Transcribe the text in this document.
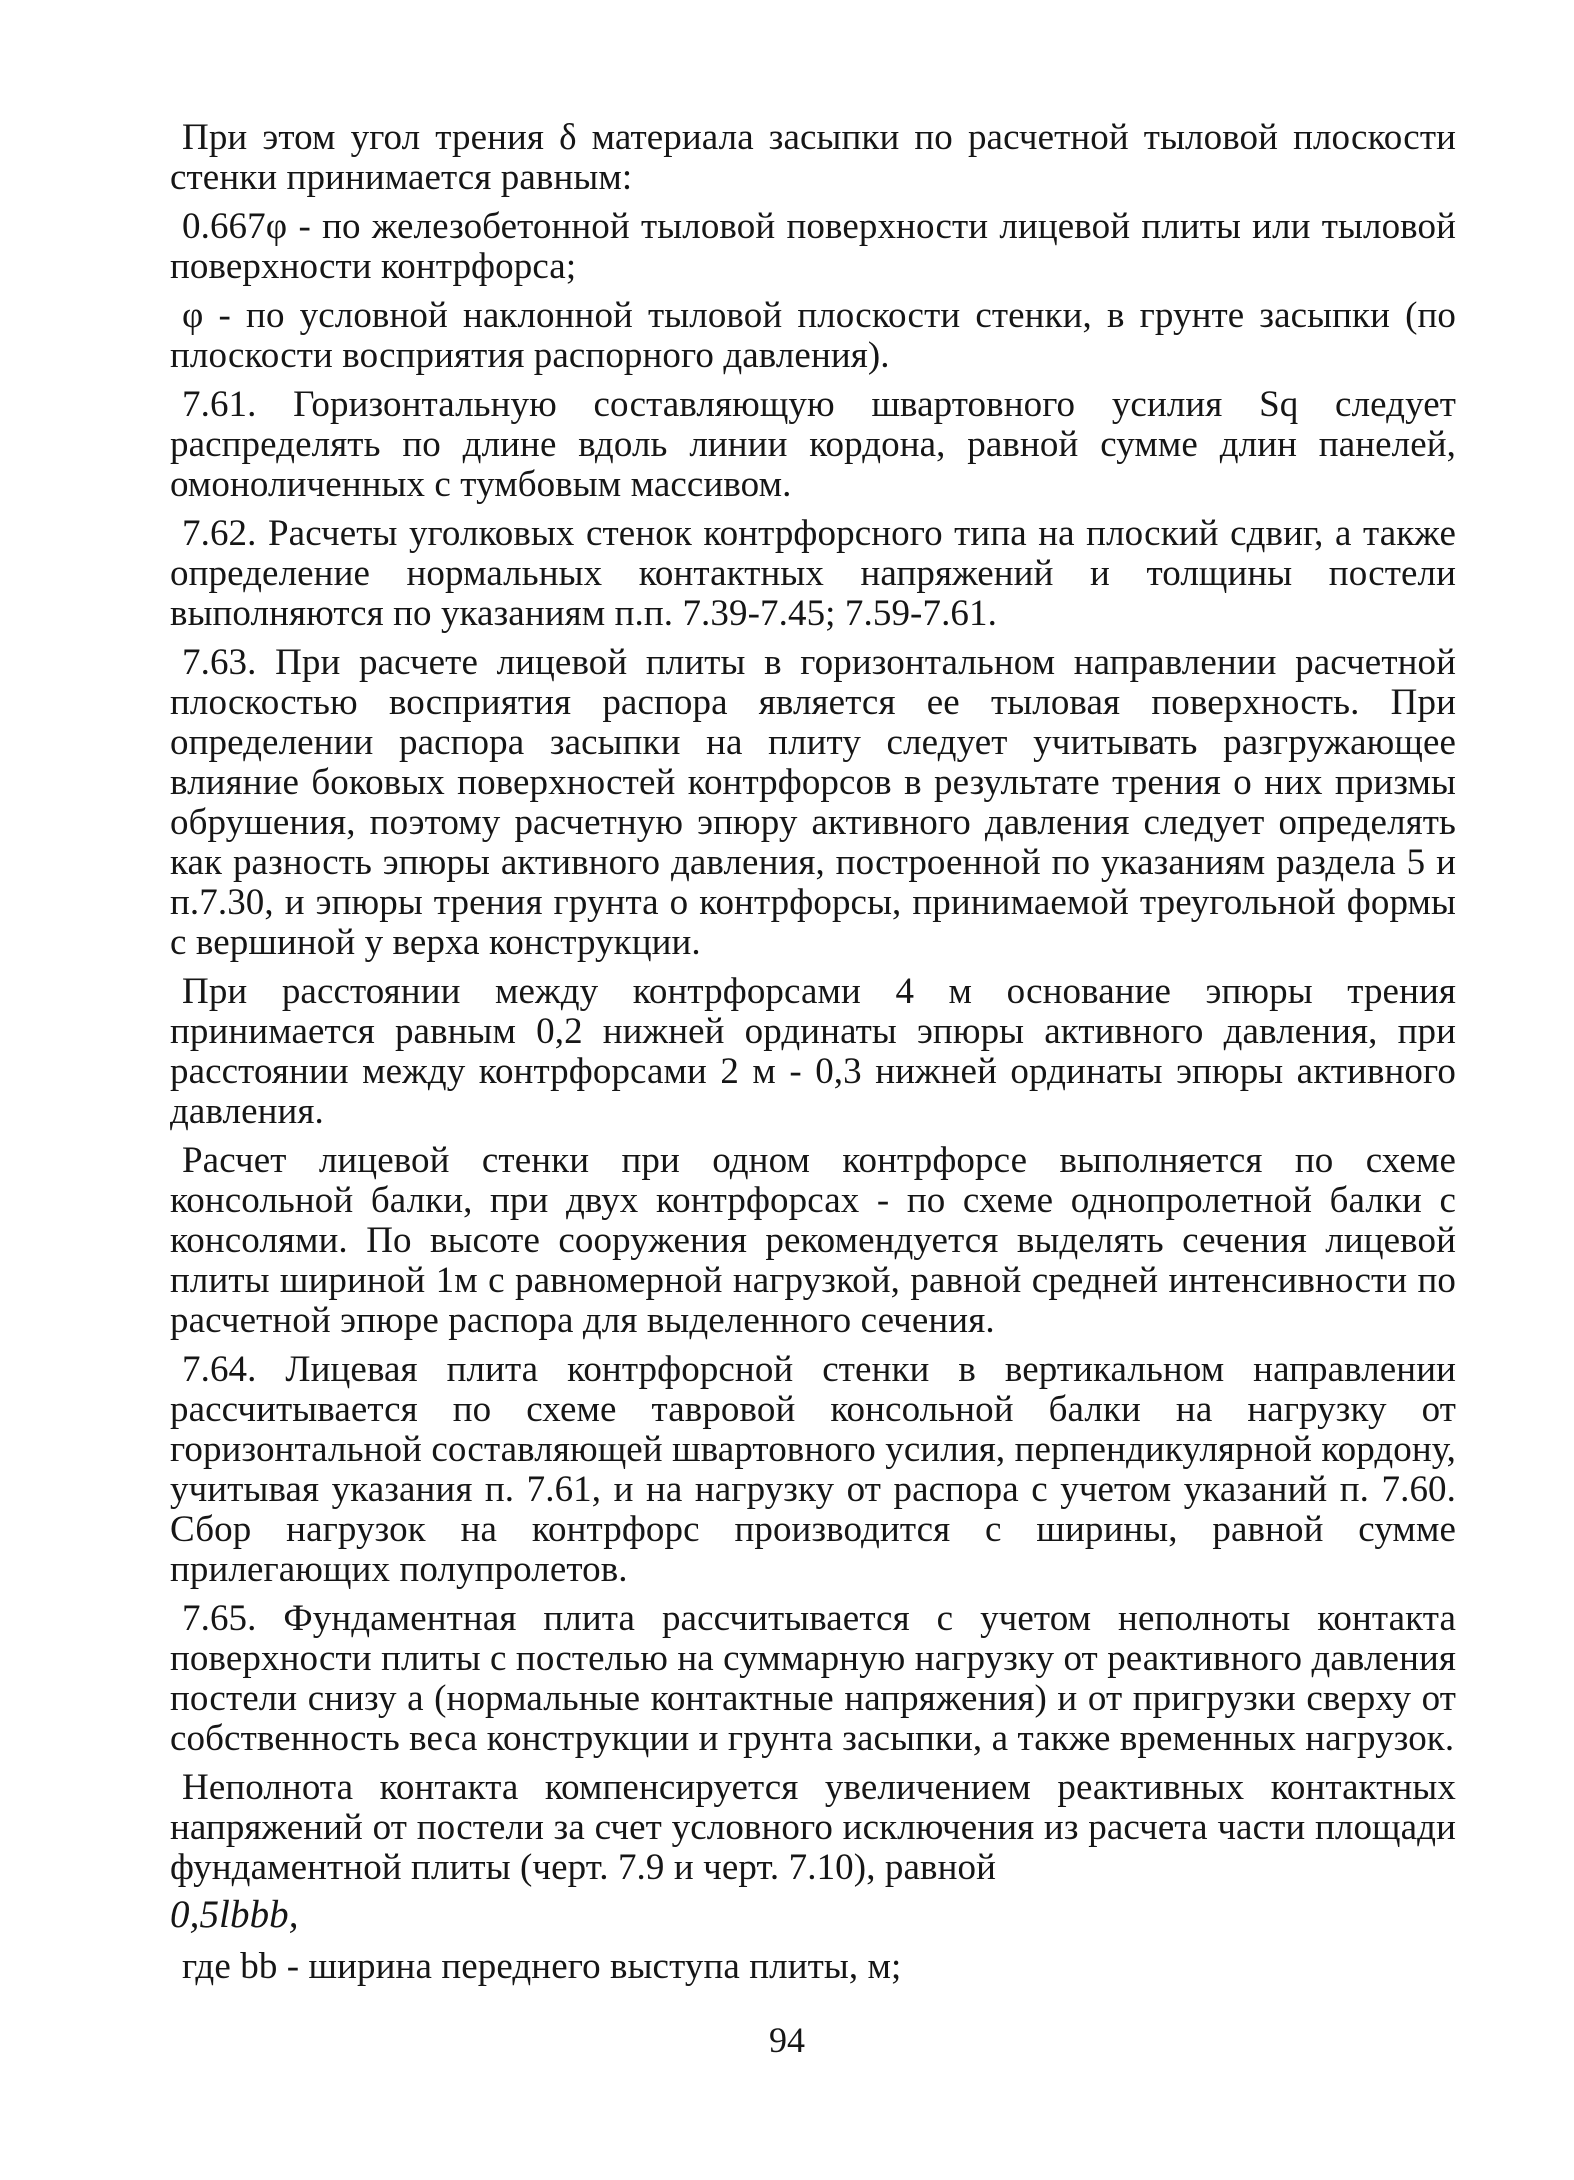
При этом угол трения δ материала засыпки по расчетной тыловой плоскости стенки принимается равным:

0.667φ - по железобетонной тыловой поверхности лицевой плиты или тыловой поверхности контрфорса;

φ - по условной наклонной тыловой плоскости стенки, в грунте засыпки (по плоскости восприятия распорного давления).

7.61. Горизонтальную составляющую швартовного усилия Sq следует распределять по длине вдоль линии кордона, равной сумме длин панелей, омоноличенных с тумбовым массивом.

7.62. Расчеты уголковых стенок контрфорсного типа на плоский сдвиг, а также определение нормальных контактных напряжений и толщины постели выполняются по указаниям п.п. 7.39-7.45; 7.59-7.61.

7.63. При расчете лицевой плиты в горизонтальном направлении расчетной плоскостью восприятия распора является ее тыловая поверхность. При определении распора засыпки на плиту следует учитывать разгружающее влияние боковых поверхностей контрфорсов в результате трения о них призмы обрушения, поэтому расчетную эпюру активного давления следует определять как разность эпюры активного давления, построенной по указаниям раздела 5 и п.7.30, и эпюры трения грунта о контрфорсы, принимаемой треугольной формы с вершиной у верха конструкции.

При расстоянии между контрфорсами 4 м основание эпюры трения принимается равным 0,2 нижней ординаты эпюры активного давления, при расстоянии между контрфорсами 2 м - 0,3 нижней ординаты эпюры активного давления.

Расчет лицевой стенки при одном контрфорсе выполняется по схеме консольной балки, при двух контрфорсах - по схеме однопролетной балки с консолями. По высоте сооружения рекомендуется выделять сечения лицевой плиты шириной 1м с равномерной нагрузкой, равной средней интенсивности по расчетной эпюре распора для выделенного сечения.

7.64. Лицевая плита контрфорсной стенки в вертикальном направлении рассчитывается по схеме тавровой консольной балки на нагрузку от горизонтальной составляющей швартовного усилия, перпендикулярной кордону, учитывая указания п. 7.61, и на нагрузку от распора с учетом указаний п. 7.60. Сбор нагрузок на контрфорс производится с ширины, равной сумме прилегающих полупролетов.

7.65. Фундаментная плита рассчитывается с учетом неполноты контакта поверхности плиты с постелью на суммарную нагрузку от реактивного давления постели снизу а (нормальные контактные напряжения) и от пригрузки сверху от собственность веса конструкции и грунта засыпки, а также временных нагрузок.

Неполнота контакта компенсируется увеличением реактивных контактных напряжений от постели за счет условного исключения из расчета части площади фундаментной плиты (черт. 7.9 и черт. 7.10), равной

0,5lbbb,

где bb - ширина переднего выступа плиты, м;

94
